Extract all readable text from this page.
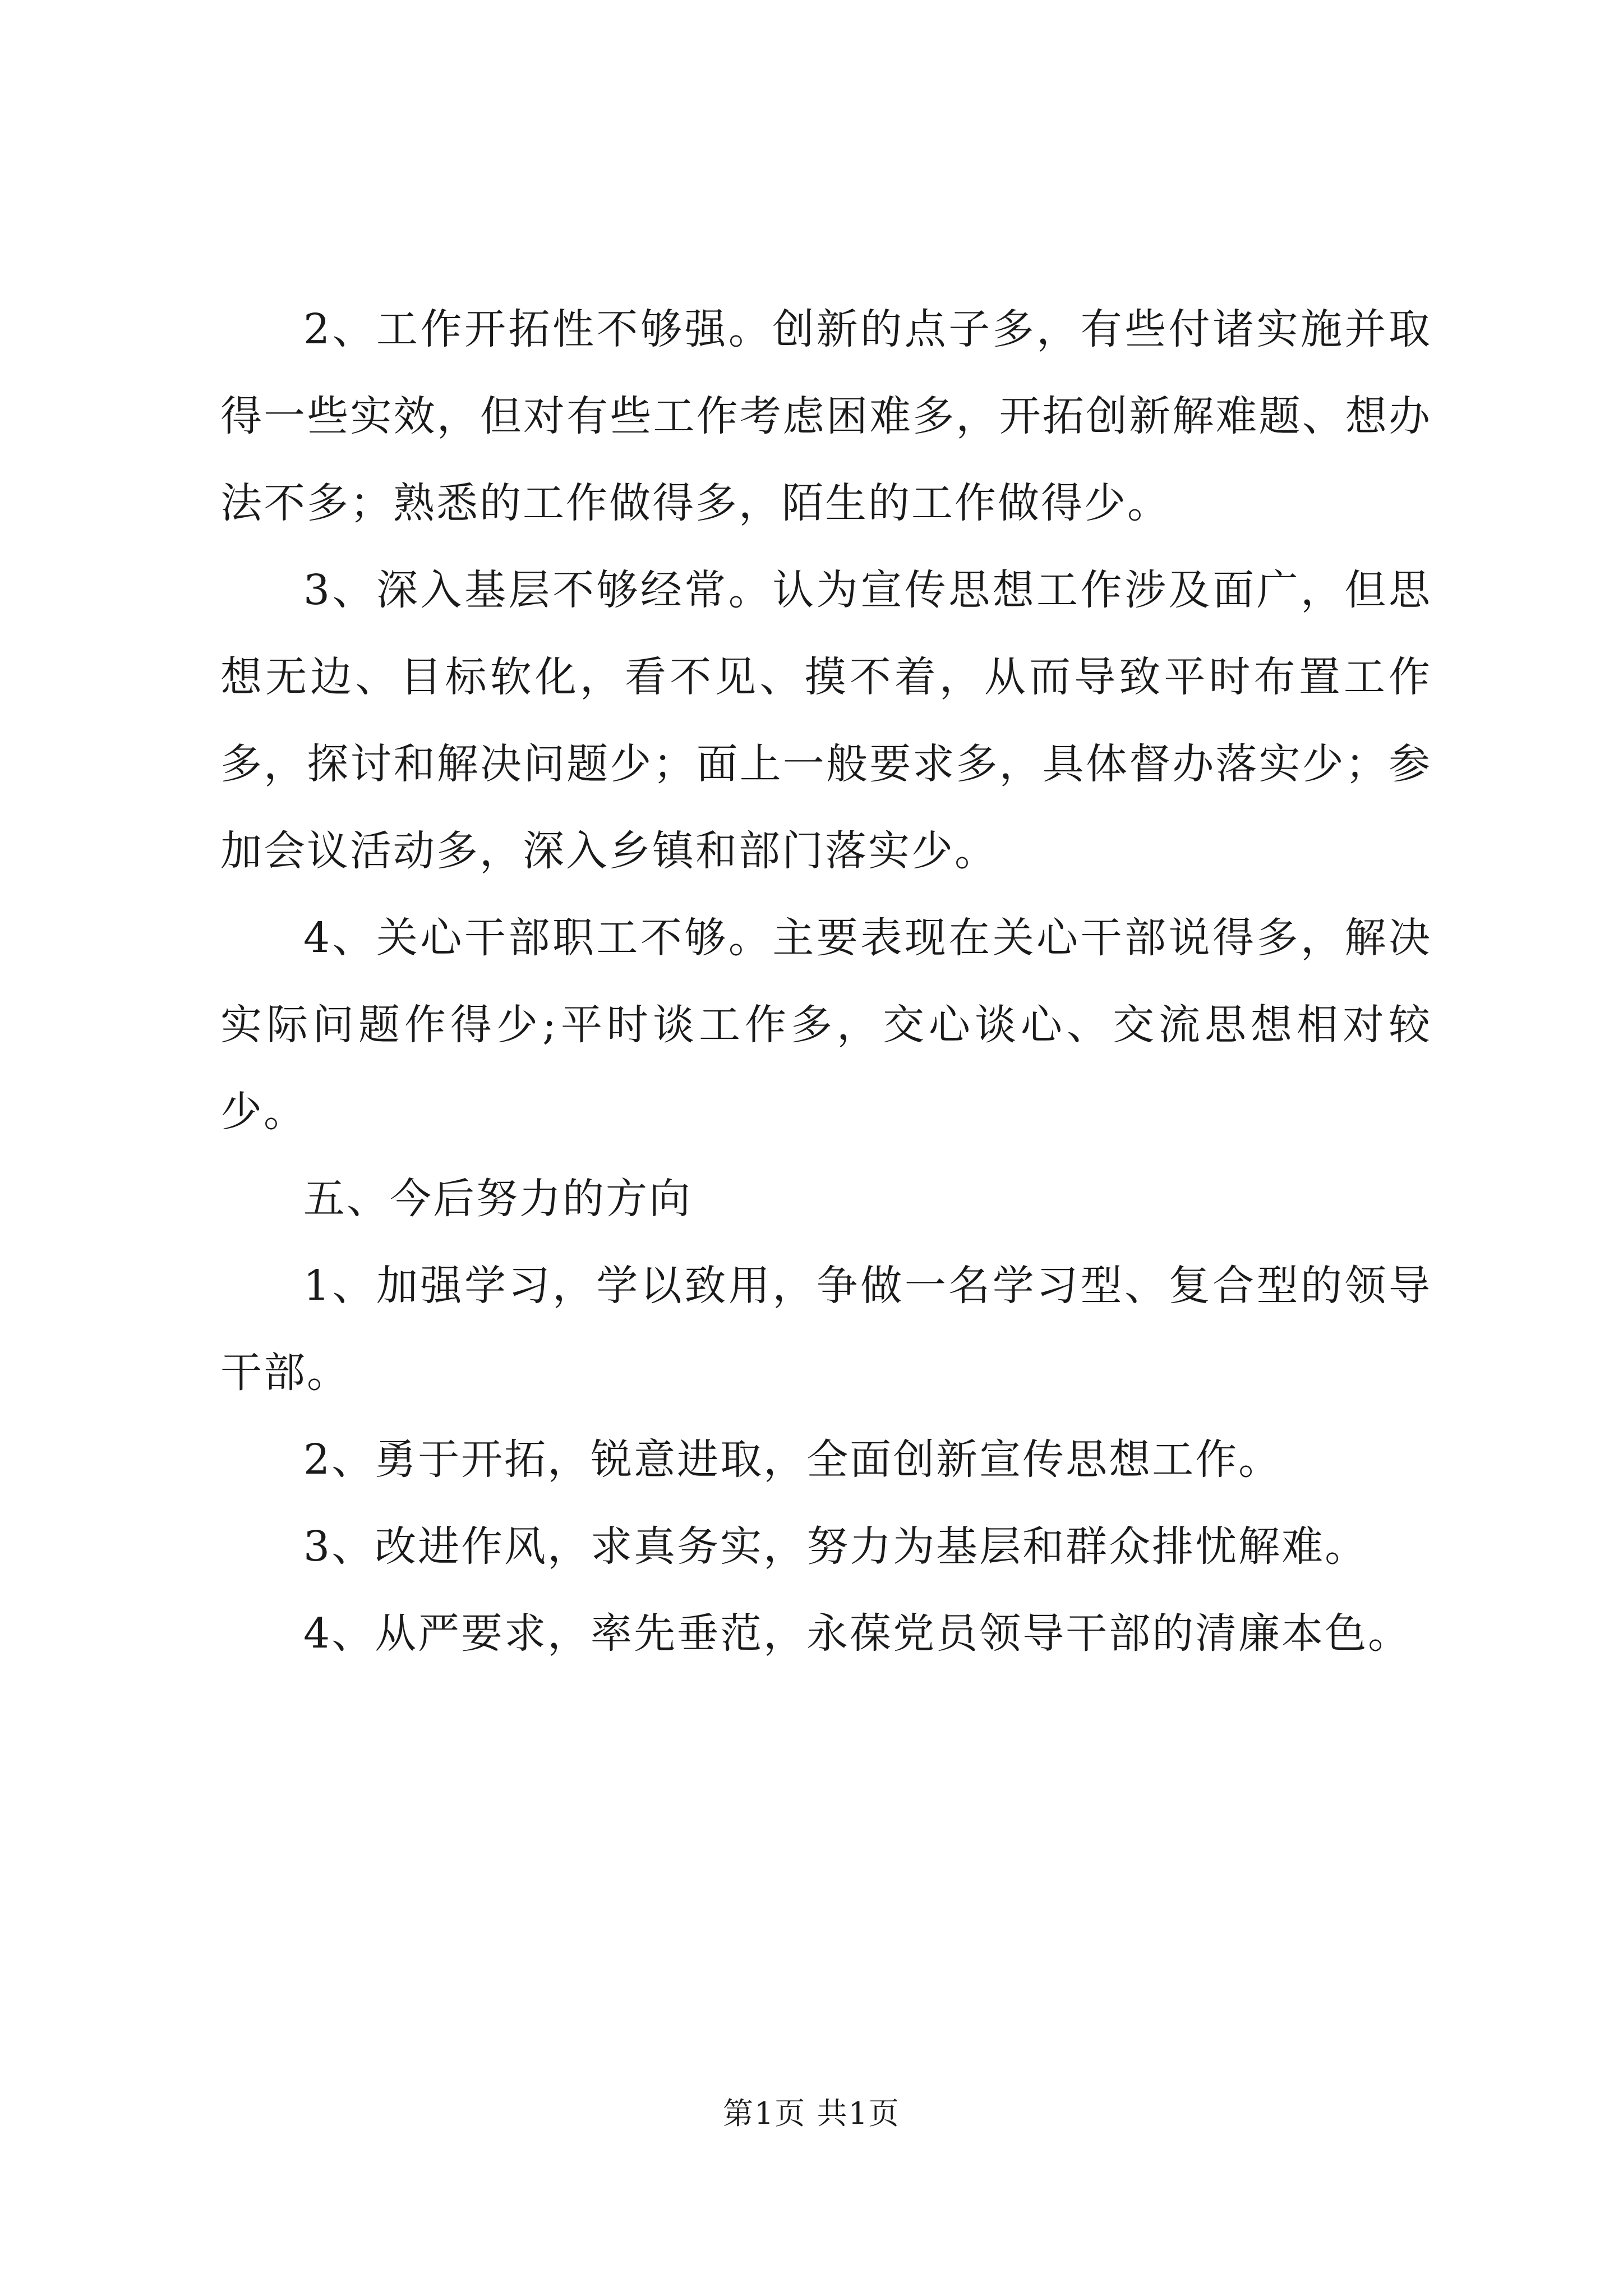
2、工作开拓性不够强。创新的点子多，有些付诸实施并取得一些实效，但对有些工作考虑困难多，开拓创新解难题、想办法不多；熟悉的工作做得多，陌生的工作做得少。

3、深入基层不够经常。认为宣传思想工作涉及面广，但思想无边、目标软化，看不见、摸不着，从而导致平时布置工作多，探讨和解决问题少；面上一般要求多，具体督办落实少；参加会议活动多，深入乡镇和部门落实少。

4、关心干部职工不够。主要表现在关心干部说得多，解决实际问题作得少;平时谈工作多，交心谈心、交流思想相对较少。

五、今后努力的方向

1、加强学习，学以致用，争做一名学习型、复合型的领导干部。

2、勇于开拓，锐意进取，全面创新宣传思想工作。

3、改进作风，求真务实，努力为基层和群众排忧解难。

4、从严要求，率先垂范，永葆党员领导干部的清廉本色。

第1页 共1页
